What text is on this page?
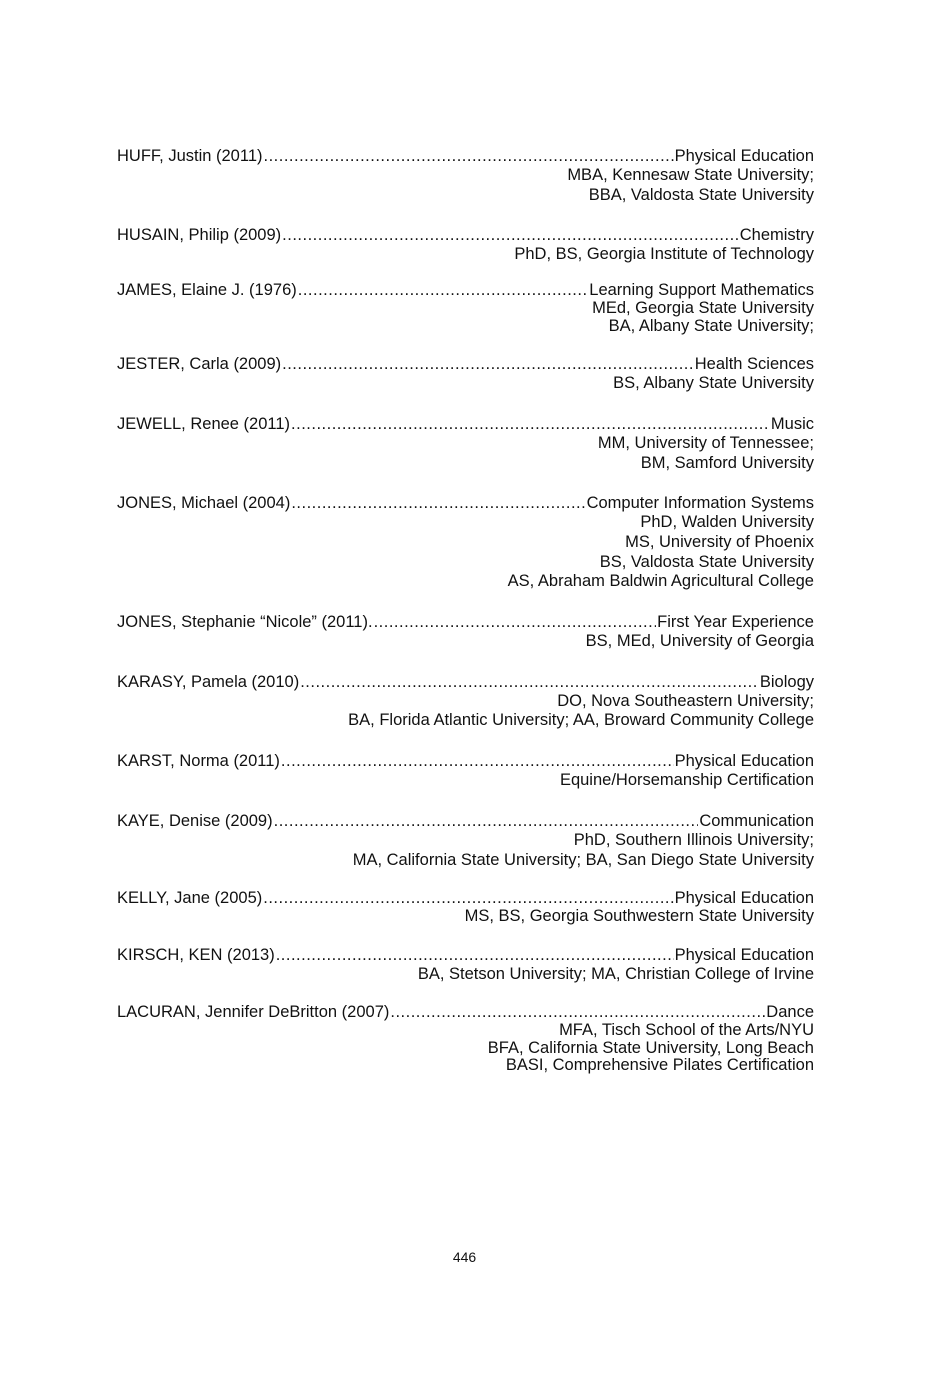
HUFF, Justin (2011) .....	Physical Education
MBA, Kennesaw State University;
BBA, Valdosta State University
HUSAIN, Philip (2009) .....	Chemistry
PhD, BS, Georgia Institute of Technology
JAMES, Elaine J. (1976) .....	Learning Support Mathematics
MEd, Georgia State University
BA, Albany State University;
JESTER, Carla (2009) .....	Health Sciences
BS, Albany State University
JEWELL, Renee (2011) .....	Music
MM, University of Tennessee;
BM, Samford University
JONES, Michael (2004) .....	Computer Information Systems
PhD, Walden University
MS, University of Phoenix
BS, Valdosta State University
AS, Abraham Baldwin Agricultural College
JONES, Stephanie “Nicole” (2011). .....	First Year Experience
BS, MEd, University of Georgia
KARASY, Pamela (2010) .....	Biology
DO, Nova Southeastern University;
BA, Florida Atlantic University; AA, Broward Community College
KARST, Norma (2011) .....	Physical Education
Equine/Horsemanship Certification
KAYE, Denise (2009) .....	Communication
PhD, Southern Illinois University;
MA, California State University; BA, San Diego State University
KELLY, Jane (2005) .....	Physical Education
MS, BS, Georgia Southwestern State University
KIRSCH, KEN (2013) .....	Physical Education
BA, Stetson University; MA, Christian College of Irvine
LACURAN, Jennifer DeBritton (2007) .....	Dance
MFA, Tisch School of the Arts/NYU
BFA, California State University, Long Beach
BASI, Comprehensive Pilates Certification
446
